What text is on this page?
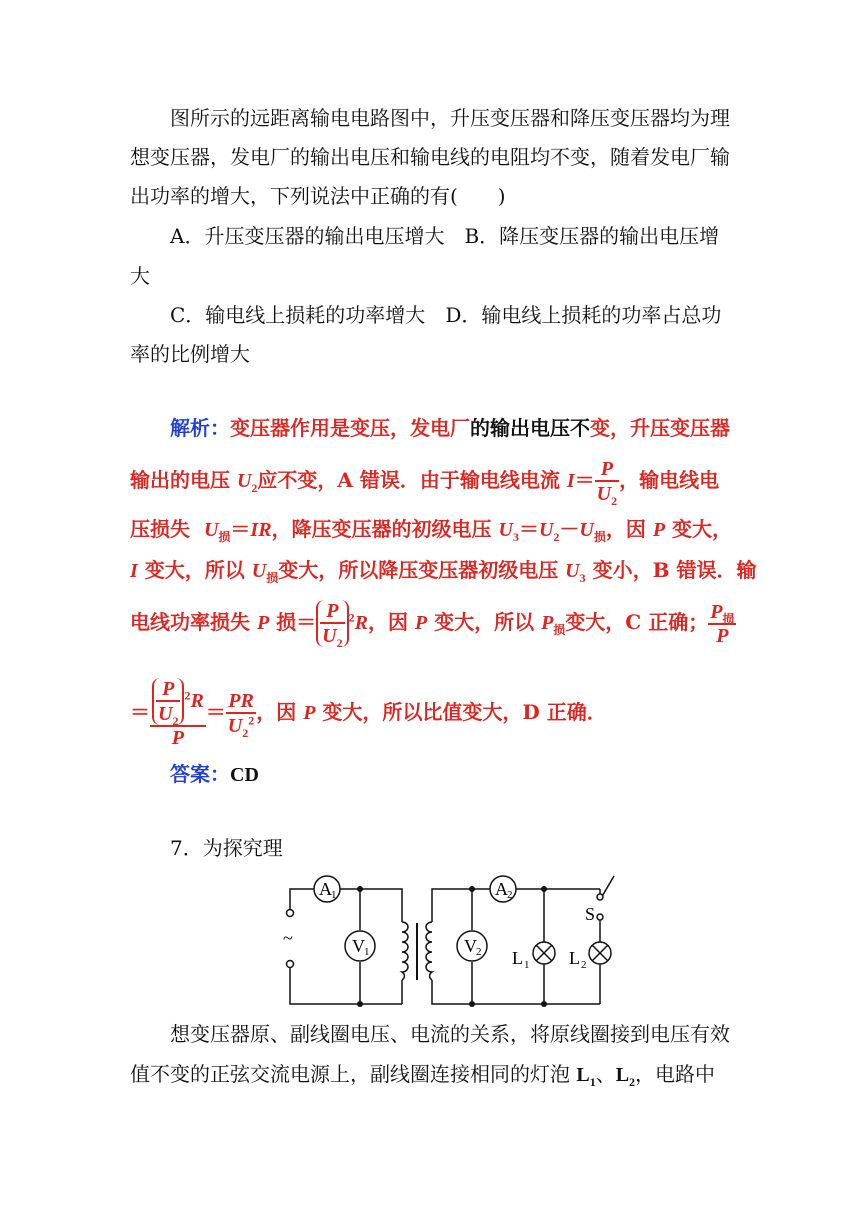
图所示的远距离输电电路图中，升压变压器和降压变压器均为理
想变压器，发电厂的输出电压和输电线的电阻均不变，随着发电厂输
出功率的增大，下列说法中正确的有(　　)
A．升压变压器的输出电压增大 B．降压变压器的输出电压增
大
C．输电线上损耗的功率增大 D．输电线上损耗的功率占总功
率的比例增大
解析：变压器作用是变压，发电厂的输出电压不变，升压变压器
输出的电压 $U_2$应不变，A 错误．由于输电线电流 $I= \frac{P}{U_2}$ ，输电线电
压损失 $U_损=IR$，降压变压器的初级电压 $U_3=U_2-U_损$，因 P 变大，
I 变大，所以 $U_损$变大，所以降压变压器初级电压 $U_3$ 变小，B 错误．输
电线功率损失 P 损＝ $\frac{P}{U_2} ^2R$，因 P 变大，所以 $P_损$变大，C 正确； $\frac{P_损}{P}$
＝ $\frac{\frac{P}{U_2} ^2R}{P} = \frac{PR}{U_2^2}$ ，因 P 变大，所以比值变大，D 正确．
答案：CD
7．为探究理
~
A 1
V 1
A 2
V 2 L 1 L 2
S
想变压器原、副线圈电压、电流的关系，将原线圈接到电压有效
值不变的正弦交流电源上，副线圈连接相同的灯泡 $L_1$、$L_2$，电路中
